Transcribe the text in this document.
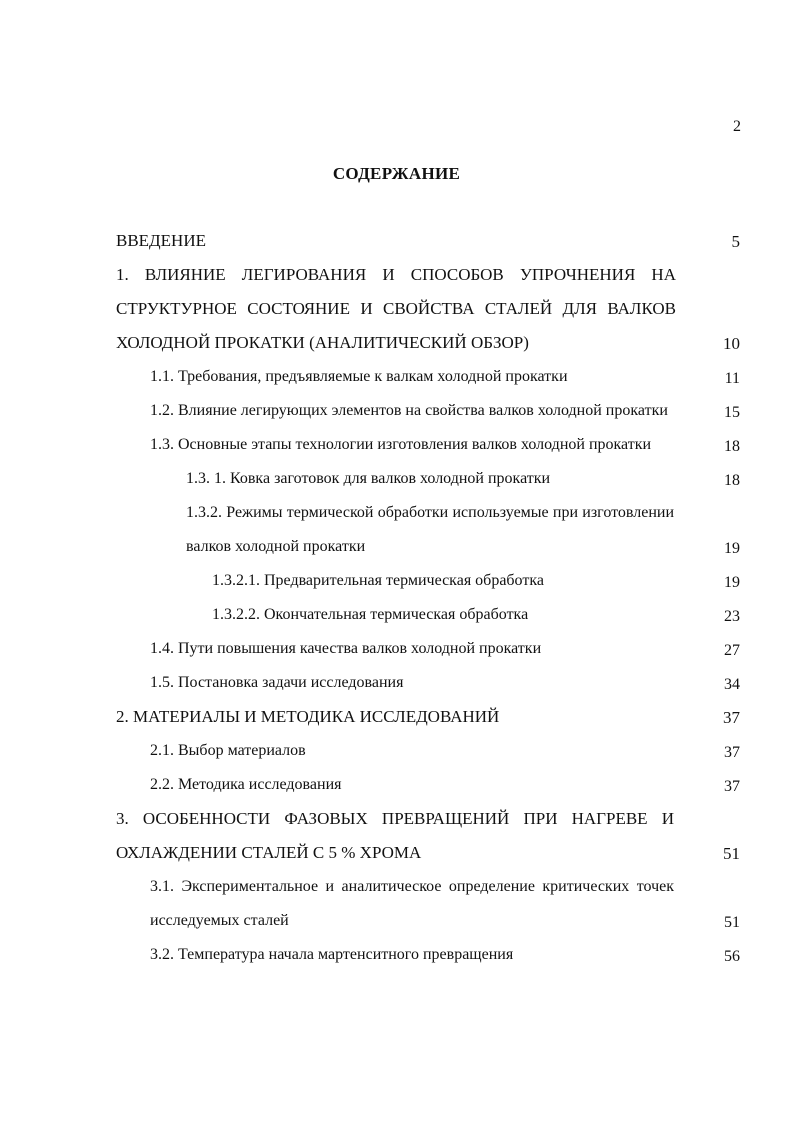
2
СОДЕРЖАНИЕ
ВВЕДЕНИЕ	5
1. ВЛИЯНИЕ ЛЕГИРОВАНИЯ И СПОСОБОВ УПРОЧНЕНИЯ НА СТРУКТУРНОЕ СОСТОЯНИЕ И СВОЙСТВА СТАЛЕЙ ДЛЯ ВАЛКОВ ХОЛОДНОЙ ПРОКАТКИ (АНАЛИТИЧЕСКИЙ ОБЗОР)	10
1.1. Требования, предъявляемые к валкам холодной прокатки	11
1.2. Влияние легирующих элементов на свойства валков холодной прокатки	15
1.3. Основные этапы технологии изготовления валков холодной прокатки	18
1.3. 1. Ковка заготовок для валков холодной прокатки	18
1.3.2. Режимы термической обработки используемые при изготовлении валков холодной прокатки	19
1.3.2.1. Предварительная термическая обработка	19
1.3.2.2. Окончательная термическая обработка	23
1.4. Пути повышения качества валков холодной прокатки	27
1.5. Постановка задачи исследования	34
2. МАТЕРИАЛЫ И МЕТОДИКА ИССЛЕДОВАНИЙ	37
2.1. Выбор материалов	37
2.2. Методика исследования	37
3. ОСОБЕННОСТИ ФАЗОВЫХ ПРЕВРАЩЕНИЙ ПРИ НАГРЕВЕ И ОХЛАЖДЕНИИ СТАЛЕЙ С 5 % ХРОМА	51
3.1. Экспериментальное и аналитическое определение критических точек исследуемых сталей	51
3.2. Температура начала мартенситного превращения	56
